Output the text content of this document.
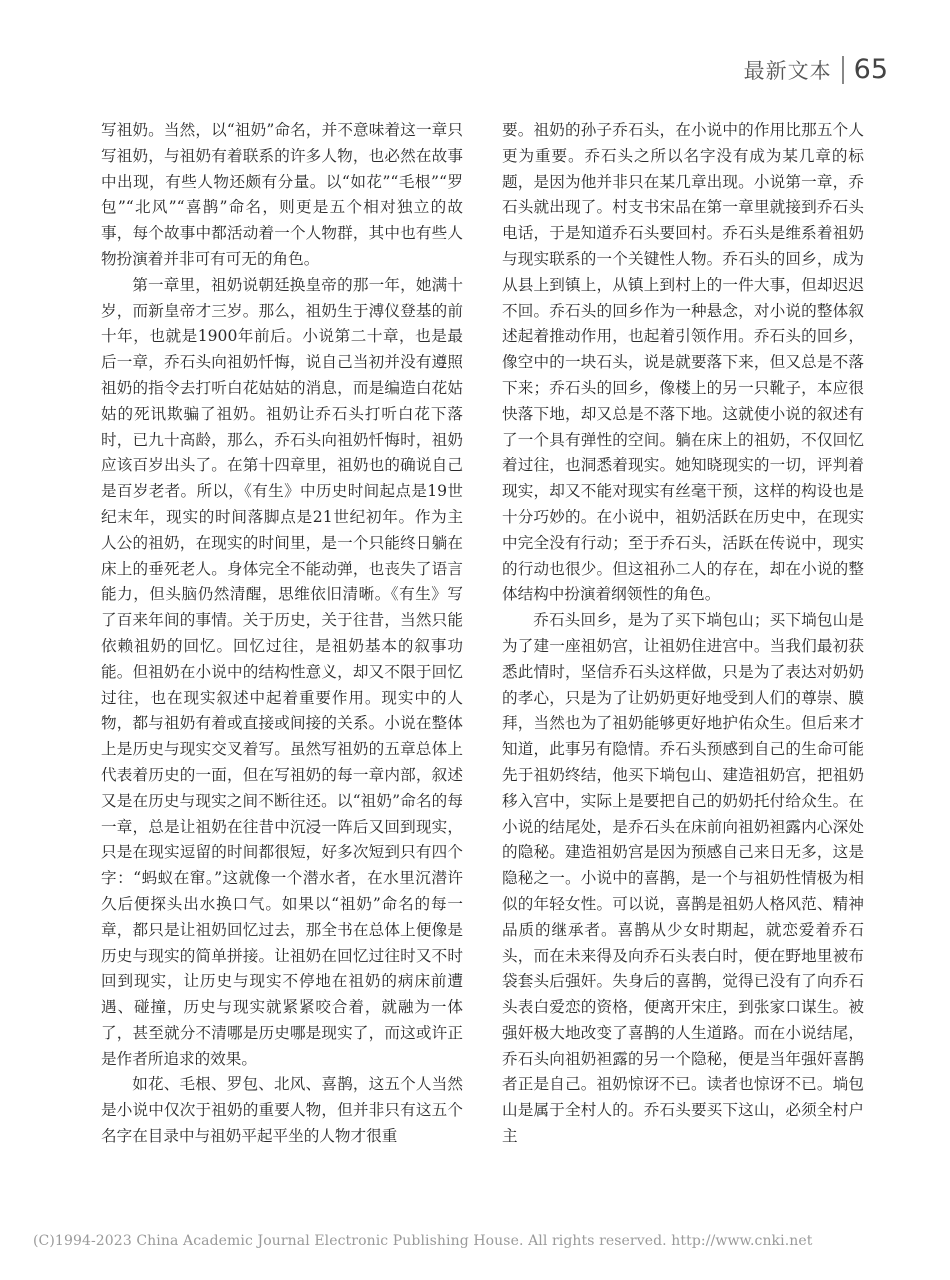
最新文本 65

写祖奶。当然，以“祖奶”命名，并不意味着这一章只写祖奶，与祖奶有着联系的许多人物，也必然在故事中出现，有些人物还颇有分量。以“如花”“毛根”“罗包”“北风”“喜鹊”命名，则更是五个相对独立的故事，每个故事中都活动着一个人物群，其中也有些人物扮演着并非可有可无的角色。

第一章里，祖奶说朝廷换皇帝的那一年，她满十岁，而新皇帝才三岁。那么，祖奶生于溥仪登基的前十年，也就是1900年前后。小说第二十章，也是最后一章，乔石头向祖奶忏悔，说自己当初并没有遵照祖奶的指令去打听白花姑姑的消息，而是编造白花姑姑的死讯欺骗了祖奶。祖奶让乔石头打听白花下落时，已九十高龄，那么，乔石头向祖奶忏悔时，祖奶应该百岁出头了。在第十四章里，祖奶也的确说自己是百岁老者。所以，《有生》中历史时间起点是19世纪末年，现实的时间落脚点是21世纪初年。作为主人公的祖奶，在现实的时间里，是一个只能终日躺在床上的垂死老人。身体完全不能动弹，也丧失了语言能力，但头脑仍然清醒，思维依旧清晰。《有生》写了百来年间的事情。关于历史，关于往昔，当然只能依赖祖奶的回忆。回忆过往，是祖奶基本的叙事功能。但祖奶在小说中的结构性意义，却又不限于回忆过往，也在现实叙述中起着重要作用。现实中的人物，都与祖奶有着或直接或间接的关系。小说在整体上是历史与现实交叉着写。虽然写祖奶的五章总体上代表着历史的一面，但在写祖奶的每一章内部，叙述又是在历史与现实之间不断往还。以“祖奶”命名的每一章，总是让祖奶在往昔中沉浸一阵后又回到现实，只是在现实逗留的时间都很短，好多次短到只有四个字：“蚂蚁在窜。”这就像一个潜水者，在水里沉潜许久后便探头出水换口气。如果以“祖奶”命名的每一章，都只是让祖奶回忆过去，那全书在总体上便像是历史与现实的简单拼接。让祖奶在回忆过往时又不时回到现实，让历史与现实不停地在祖奶的病床前遭遇、碰撞，历史与现实就紧紧咬合着，就融为一体了，甚至就分不清哪是历史哪是现实了，而这或许正是作者所追求的效果。

如花、毛根、罗包、北风、喜鹊，这五个人当然是小说中仅次于祖奶的重要人物，但并非只有这五个名字在目录中与祖奶平起平坐的人物才很重

要。祖奶的孙子乔石头，在小说中的作用比那五个人更为重要。乔石头之所以名字没有成为某几章的标题，是因为他并非只在某几章出现。小说第一章，乔石头就出现了。村支书宋品在第一章里就接到乔石头电话，于是知道乔石头要回村。乔石头是维系着祖奶与现实联系的一个关键性人物。乔石头的回乡，成为从县上到镇上，从镇上到村上的一件大事，但却迟迟不回。乔石头的回乡作为一种悬念，对小说的整体叙述起着推动作用，也起着引领作用。乔石头的回乡，像空中的一块石头，说是就要落下来，但又总是不落下来；乔石头的回乡，像楼上的另一只靴子，本应很快落下地，却又总是不落下地。这就使小说的叙述有了一个具有弹性的空间。躺在床上的祖奶，不仅回忆着过往，也洞悉着现实。她知晓现实的一切，评判着现实，却又不能对现实有丝毫干预，这样的构设也是十分巧妙的。在小说中，祖奶活跃在历史中，在现实中完全没有行动；至于乔石头，活跃在传说中，现实的行动也很少。但这祖孙二人的存在，却在小说的整体结构中扮演着纲领性的角色。

乔石头回乡，是为了买下埫包山；买下埫包山是为了建一座祖奶宫，让祖奶住进宫中。当我们最初获悉此情时，坚信乔石头这样做，只是为了表达对奶奶的孝心，只是为了让奶奶更好地受到人们的尊崇、膜拜，当然也为了祖奶能够更好地护佑众生。但后来才知道，此事另有隐情。乔石头预感到自己的生命可能先于祖奶终结，他买下埫包山、建造祖奶宫，把祖奶移入宫中，实际上是要把自己的奶奶托付给众生。在小说的结尾处，是乔石头在床前向祖奶袒露内心深处的隐秘。建造祖奶宫是因为预感自己来日无多，这是隐秘之一。小说中的喜鹊，是一个与祖奶性情极为相似的年轻女性。可以说，喜鹊是祖奶人格风范、精神品质的继承者。喜鹊从少女时期起，就恋爱着乔石头，而在未来得及向乔石头表白时，便在野地里被布袋套头后强奸。失身后的喜鹊，觉得已没有了向乔石头表白爱恋的资格，便离开宋庄，到张家口谋生。被强奸极大地改变了喜鹊的人生道路。而在小说结尾，乔石头向祖奶袒露的另一个隐秘，便是当年强奸喜鹊者正是自己。祖奶惊讶不已。读者也惊讶不已。埫包山是属于全村人的。乔石头要买下这山，必须全村户主

(C)1994-2023 China Academic Journal Electronic Publishing House. All rights reserved. http://www.cnki.net
